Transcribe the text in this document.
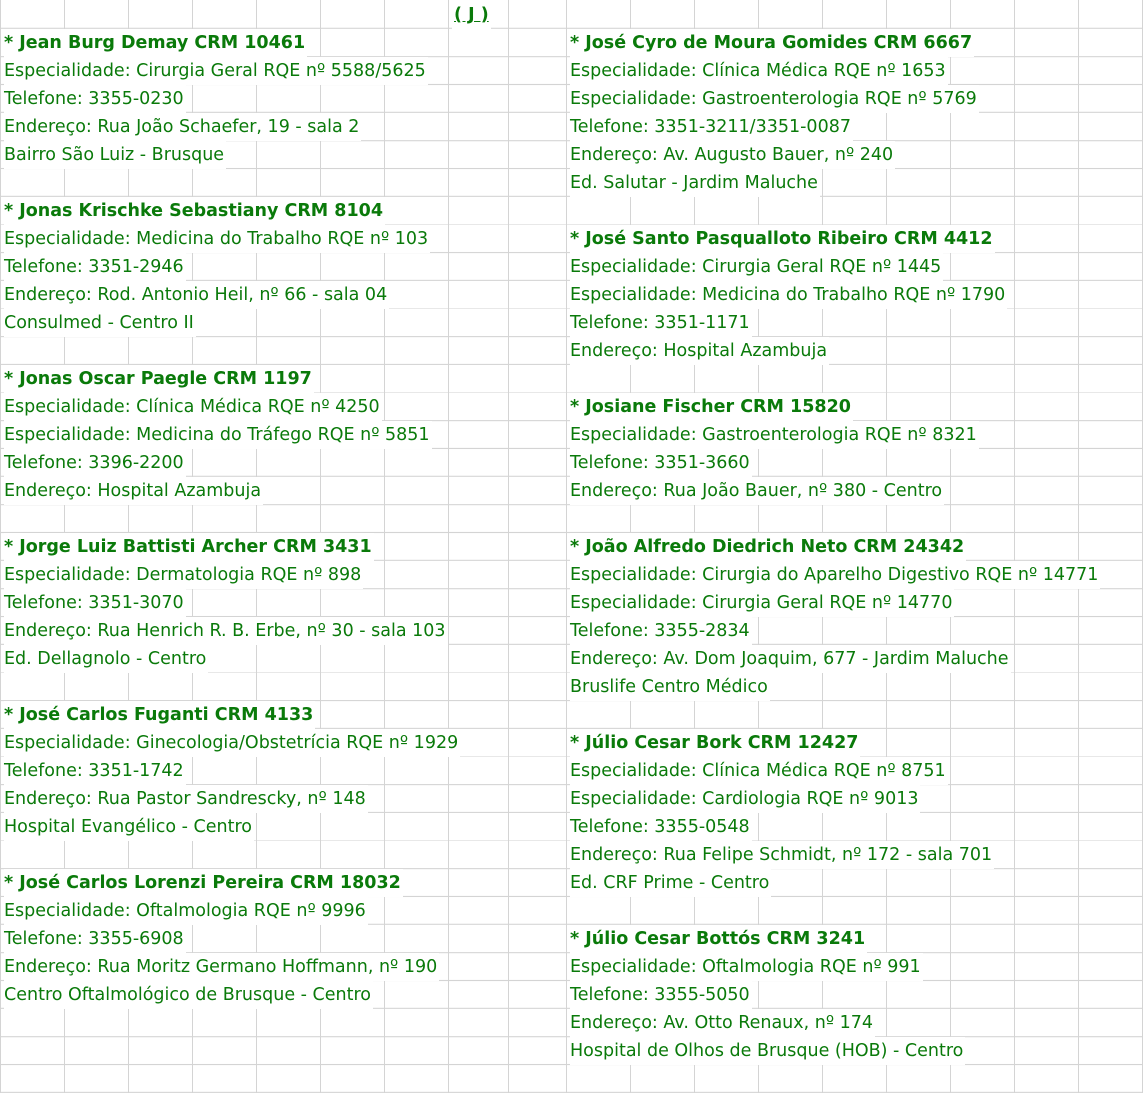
( J )
* Jean Burg Demay CRM 10461
Especialidade: Cirurgia Geral RQE nº 5588/5625
Telefone: 3355-0230
Endereço: Rua João Schaefer, 19 - sala 2
Bairro São Luiz - Brusque
* Jonas Krischke Sebastiany CRM 8104
Especialidade: Medicina do Trabalho RQE nº 103
Telefone: 3351-2946
Endereço: Rod. Antonio Heil, nº 66 - sala 04
Consulmed - Centro II
* Jonas Oscar Paegle CRM 1197
Especialidade: Clínica Médica RQE nº 4250
Especialidade: Medicina do Tráfego RQE nº 5851
Telefone: 3396-2200
Endereço: Hospital Azambuja
* Jorge Luiz Battisti Archer CRM 3431
Especialidade: Dermatologia RQE nº 898
Telefone: 3351-3070
Endereço: Rua Henrich R. B. Erbe, nº 30 - sala 103
Ed. Dellagnolo - Centro
* José Carlos Fuganti CRM 4133
Especialidade: Ginecologia/Obstetrícia RQE nº 1929
Telefone: 3351-1742
Endereço: Rua Pastor Sandrescky, nº 148
Hospital Evangélico - Centro
* José Carlos Lorenzi Pereira CRM 18032
Especialidade: Oftalmologia RQE nº 9996
Telefone: 3355-6908
Endereço: Rua Moritz Germano Hoffmann, nº 190
Centro Oftalmológico de Brusque - Centro
* José Cyro de Moura Gomides CRM 6667
Especialidade: Clínica Médica RQE nº 1653
Especialidade: Gastroenterologia RQE nº 5769
Telefone: 3351-3211/3351-0087
Endereço: Av. Augusto Bauer, nº 240
Ed. Salutar - Jardim Maluche
* José Santo Pasqualloto Ribeiro CRM 4412
Especialidade: Cirurgia Geral RQE nº 1445
Especialidade: Medicina do Trabalho RQE nº 1790
Telefone: 3351-1171
Endereço: Hospital Azambuja
* Josiane Fischer CRM 15820
Especialidade: Gastroenterologia RQE nº 8321
Telefone: 3351-3660
Endereço: Rua João Bauer, nº 380 - Centro
* João Alfredo Diedrich Neto CRM 24342
Especialidade: Cirurgia do Aparelho Digestivo RQE nº 14771
Especialidade: Cirurgia Geral RQE nº 14770
Telefone: 3355-2834
Endereço: Av. Dom Joaquim, 677 - Jardim Maluche
Bruslife Centro Médico
* Júlio Cesar Bork CRM 12427
Especialidade: Clínica Médica RQE nº 8751
Especialidade: Cardiologia RQE nº 9013
Telefone: 3355-0548
Endereço: Rua Felipe Schmidt, nº 172 - sala 701
Ed. CRF Prime - Centro
* Júlio Cesar Bottós CRM 3241
Especialidade: Oftalmologia RQE nº 991
Telefone: 3355-5050
Endereço: Av. Otto Renaux, nº 174
Hospital de Olhos de Brusque (HOB) - Centro
